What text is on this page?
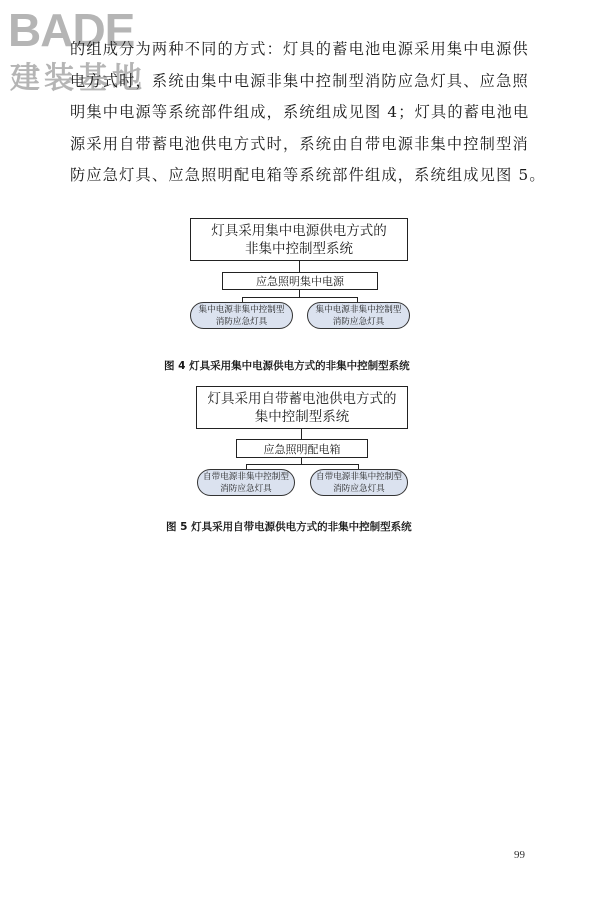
BADE
建装基地
的组成分为两种不同的方式：灯具的蓄电池电源采用集中电源供
电方式时，系统由集中电源非集中控制型消防应急灯具、应急照
明集中电源等系统部件组成，系统组成见图 4；灯具的蓄电池电
源采用自带蓄电池供电方式时，系统由自带电源非集中控制型消
防应急灯具、应急照明配电箱等系统部件组成，系统组成见图 5。
灯具采用集中电源供电方式的
非集中控制型系统
应急照明集中电源
集中电源非集中控制型
消防应急灯具
集中电源非集中控制型
消防应急灯具
图 4 灯具采用集中电源供电方式的非集中控制型系统
灯具采用自带蓄电池供电方式的
集中控制型系统
应急照明配电箱
自带电源非集中控制型
消防应急灯具
自带电源非集中控制型
消防应急灯具
图 5 灯具采用自带电源供电方式的非集中控制型系统
99
